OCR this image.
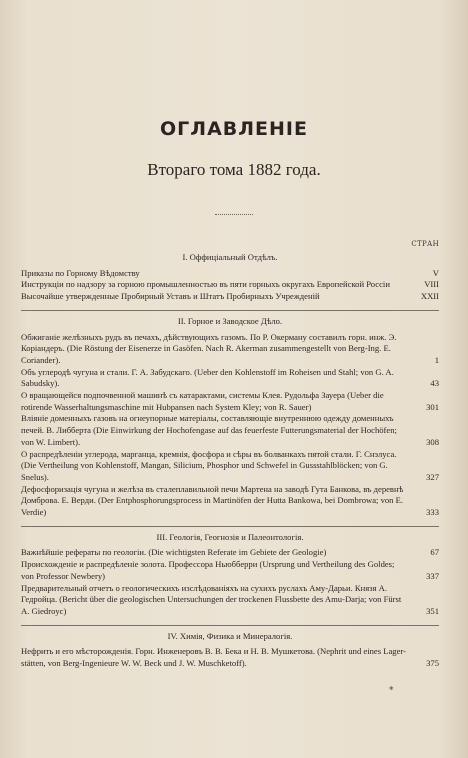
ОГЛАВЛЕНІЕ
Втораго тома 1882 года.
СТРАН
I. Оффиціальный Отдѣлъ.
Приказы по Горному Вѣдомству	V
Инструкціи по надзору за горною промышленностью въ пяти горныхъ округахъ Европейской Россіи	VIII
Высочайше утвержденные Пробирный Уставъ и Штатъ Пробирныхъ Учрежденій	XXII
II. Горное и Заводское Дѣло.
Обжиганіе желѣзныхъ рудъ въ печахъ, дѣйствующихъ газомъ. По Р. Окерману составилъ горн. инж. Э. Коріандеръ. (Die Röstung der Eisenerze in Gasöfen. Nach R. Akerman zusammengestellt von Berg-Ing. E. Coriander).	1
Объ углеродѣ чугуна и стали. Г. А. Забудскаго. (Ueber den Kohlenstoff im Roheisen und Stahl; von G. A. Sabudsky).	43
О вращающейся подпочвенной машинѣ съ катарактами, системы Клея. Рудольфа Зауера (Ueber die rotirende Wasserhaltungsmaschine mit Hubpansen nach System Kley; von R. Sauer)	301
Вліяніе доменныхъ газовъ на огнеупорные матеріалы, составляющіе внутреннюю одежду доменныхъ печей. В. Либберта (Die Einwirkung der Hochofengase auf das feuerfeste Futterungsmaterial der Hochöfen; von W. Limbert).	308
О распредѣленіи углерода, марганца, кремнія, фосфора и сѣры въ болванкахъ пятой стали. Г. Снэлуса. (Die Vertheilung von Kohlenstoff, Mangan, Silicium, Phosphor und Schwefel in Gussstahlblöcken; von G. Snelus).	327
Дефосфоризація чугуна и желѣза въ сталеплавильной печи Мартена на заводѣ Гута Банкова, въ деревнѣ Домброва. Е. Верди. (Der Entphosphorungsprocess in Martinöfen der Hutta Bankowa, bei Dombrowa; von E. Verdie)	333
III. Геологія, Геогнозія и Палеонтологія.
Важнѣйшіе рефераты по геологіи. (Die wichtigsten Referate im Gebiete der Geologie)	67
Происхожденіе и распредѣленіе золота. Профессора Ньюбберри (Ursprung und Vertheilung des Goldes; von Professor Newbery)	337
Предварительный отчетъ о геологическихъ изслѣдованіяхъ на сухихъ руслахъ Аму-Дарьи. Князя А. Гедройца. (Bericht über die geologischen Untersuchungen der trockenen Flussbette des Amu-Darja; von Fürst A. Giedroyc)	351
IV. Химія, Физика и Минералогія.
Нефрить и его мѣсторожденія. Горн. Инженеровъ В. В. Бека и Н. В. Мушкетова. (Nephrit und eines Lager- stätten, von Berg-Ingenieure W. W. Beck und J. W. Muschketoff).	375
*
